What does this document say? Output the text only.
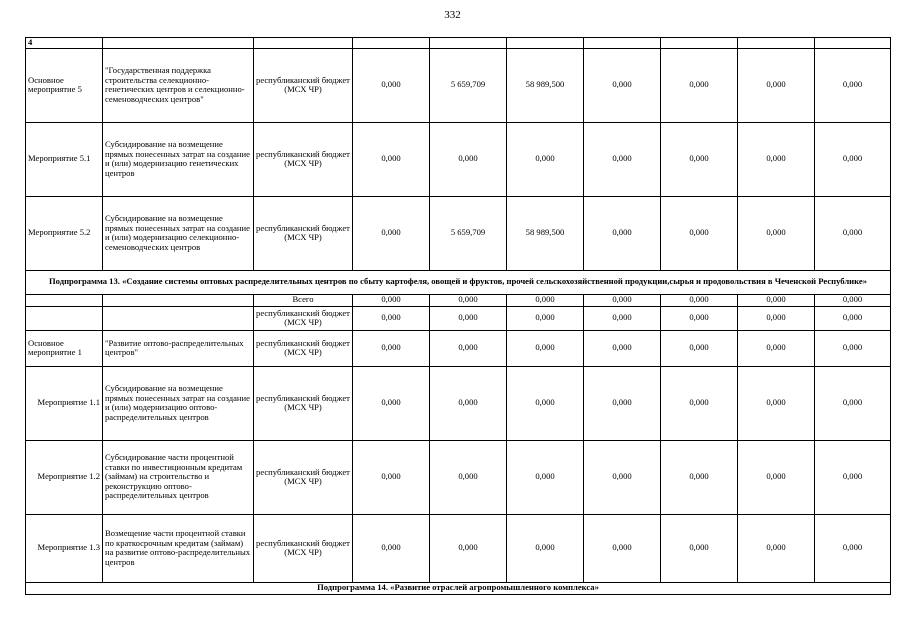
332
4									
Основное мероприятие 5	"Государственная поддержка строительства селекционно-генетических центров и селекционно-семеноводческих центров"	республиканский бюджет (МСХ ЧР)	0,000	5 659,709	58 989,500	0,000	0,000	0,000	0,000
Мероприятие 5.1	Субсидирование на возмещение прямых понесенных затрат на создание и (или) модернизацию генетических центров	республиканский бюджет (МСХ ЧР)	0,000	0,000	0,000	0,000	0,000	0,000	0,000
Мероприятие 5.2	Субсидирование на возмещение прямых понесенных затрат на создание и (или) модернизацию селекционно-семеноводческих центров	республиканский бюджет (МСХ ЧР)	0,000	5 659,709	58 989,500	0,000	0,000	0,000	0,000
Подпрограмма 13. «Создание системы оптовых распределительных центров по сбыту картофеля, овощей и фруктов, прочей сельскохозяйственной продукции,сырья и продовольствия в Чеченской Республике»									
		Всего	0,000	0,000	0,000	0,000	0,000	0,000	0,000
		республиканский бюджет (МСХ ЧР)	0,000	0,000	0,000	0,000	0,000	0,000	0,000
Основное мероприятие 1	"Развитие оптово-распределительных центров"	республиканский бюджет (МСХ ЧР)	0,000	0,000	0,000	0,000	0,000	0,000	0,000
Мероприятие 1.1	Субсидирование на возмещение прямых понесенных затрат на создание и (или) модернизацию оптово-распределительных центров	республиканский бюджет (МСХ ЧР)	0,000	0,000	0,000	0,000	0,000	0,000	0,000
Мероприятие 1.2	Субсидирование части процентной ставки по инвестиционным кредитам (займам) на строительство и реконструкцию оптово-распределительных центров	республиканский бюджет (МСХ ЧР)	0,000	0,000	0,000	0,000	0,000	0,000	0,000
Мероприятие 1.3	Возмещение части процентной ставки по краткосрочным кредитам (займам) на развитие оптово-распределительных центров	республиканский бюджет (МСХ ЧР)	0,000	0,000	0,000	0,000	0,000	0,000	0,000
Подпрограмма 14. «Развитие отраслей агропромышленного комплекса»									
